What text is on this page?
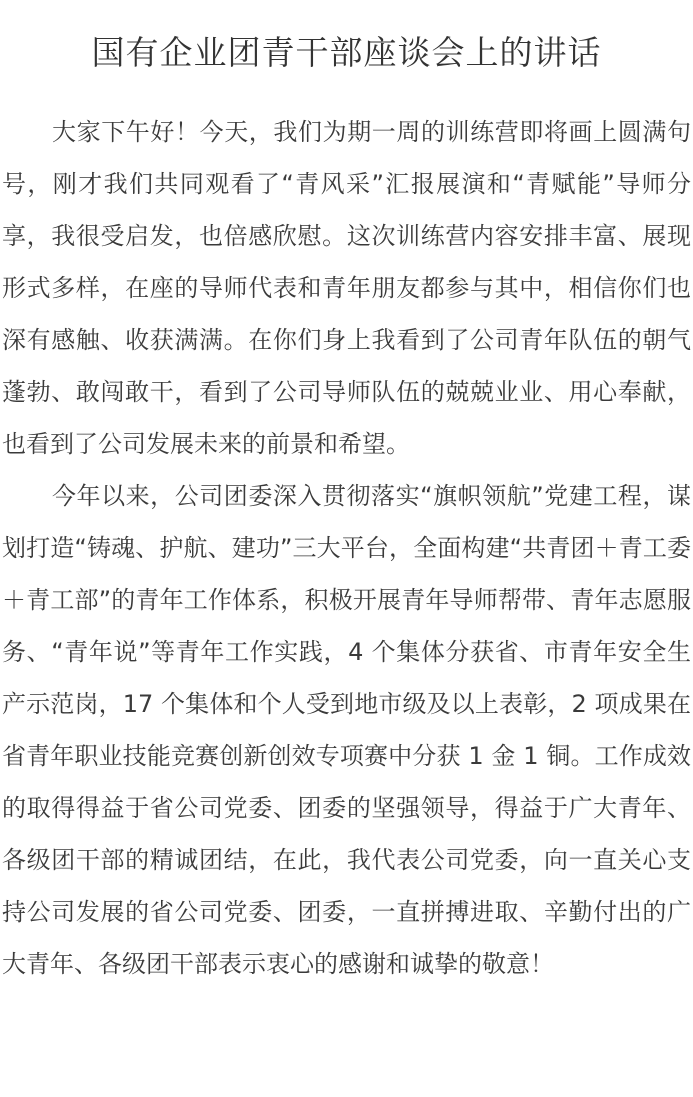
国有企业团青干部座谈会上的讲话

大家下午好！今天，我们为期一周的训练营即将画上圆满句号，刚才我们共同观看了“青风采”汇报展演和“青赋能”导师分享，我很受启发，也倍感欣慰。这次训练营内容安排丰富、展现形式多样，在座的导师代表和青年朋友都参与其中，相信你们也深有感触、收获满满。在你们身上我看到了公司青年队伍的朝气蓬勃、敢闯敢干，看到了公司导师队伍的兢兢业业、用心奉献，也看到了公司发展未来的前景和希望。

今年以来，公司团委深入贯彻落实“旗帜领航”党建工程，谋划打造“铸魂、护航、建功”三大平台，全面构建“共青团＋青工委＋青工部”的青年工作体系，积极开展青年导师帮带、青年志愿服务、“青年说”等青年工作实践，4 个集体分获省、市青年安全生产示范岗，17 个集体和个人受到地市级及以上表彰，2 项成果在省青年职业技能竞赛创新创效专项赛中分获 1 金 1 铜。工作成效的取得得益于省公司党委、团委的坚强领导，得益于广大青年、各级团干部的精诚团结，在此，我代表公司党委，向一直关心支持公司发展的省公司党委、团委，一直拼搏进取、辛勤付出的广大青年、各级团干部表示衷心的感谢和诚挚的敬意！
